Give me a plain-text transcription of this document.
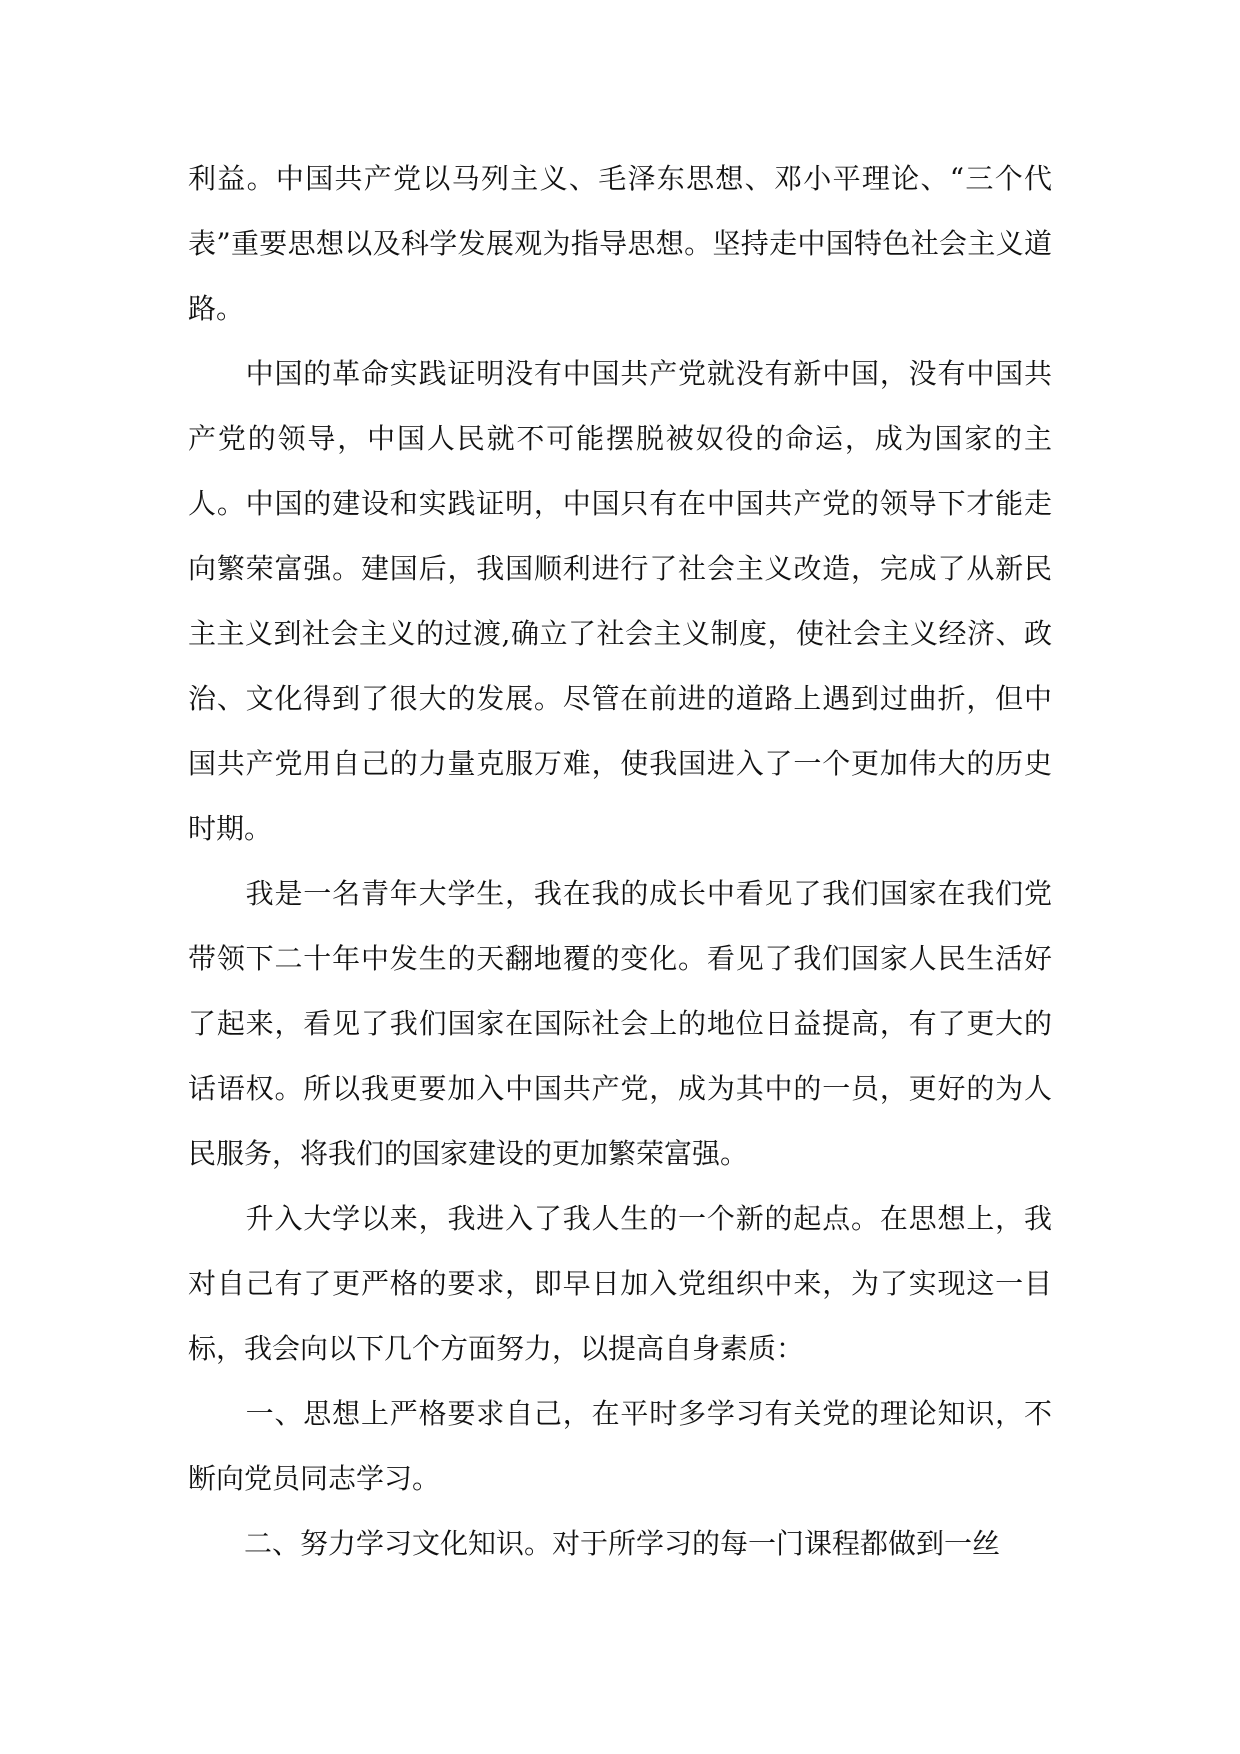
利益。中国共产党以马列主义、毛泽东思想、邓小平理论、“三个代表”重要思想以及科学发展观为指导思想。坚持走中国特色社会主义道路。

　　中国的革命实践证明没有中国共产党就没有新中国，没有中国共产党的领导，中国人民就不可能摆脱被奴役的命运，成为国家的主人。中国的建设和实践证明，中国只有在中国共产党的领导下才能走向繁荣富强。建国后，我国顺利进行了社会主义改造，完成了从新民主主义到社会主义的过渡,确立了社会主义制度，使社会主义经济、政治、文化得到了很大的发展。尽管在前进的道路上遇到过曲折，但中国共产党用自己的力量克服万难，使我国进入了一个更加伟大的历史时期。

　　我是一名青年大学生，我在我的成长中看见了我们国家在我们党带领下二十年中发生的天翻地覆的变化。看见了我们国家人民生活好了起来，看见了我们国家在国际社会上的地位日益提高，有了更大的话语权。所以我更要加入中国共产党，成为其中的一员，更好的为人民服务，将我们的国家建设的更加繁荣富强。

　　升入大学以来，我进入了我人生的一个新的起点。在思想上，我对自己有了更严格的要求，即早日加入党组织中来，为了实现这一目标，我会向以下几个方面努力，以提高自身素质：

　　一、思想上严格要求自己，在平时多学习有关党的理论知识，不断向党员同志学习。

　　二、努力学习文化知识。对于所学习的每一门课程都做到一丝
